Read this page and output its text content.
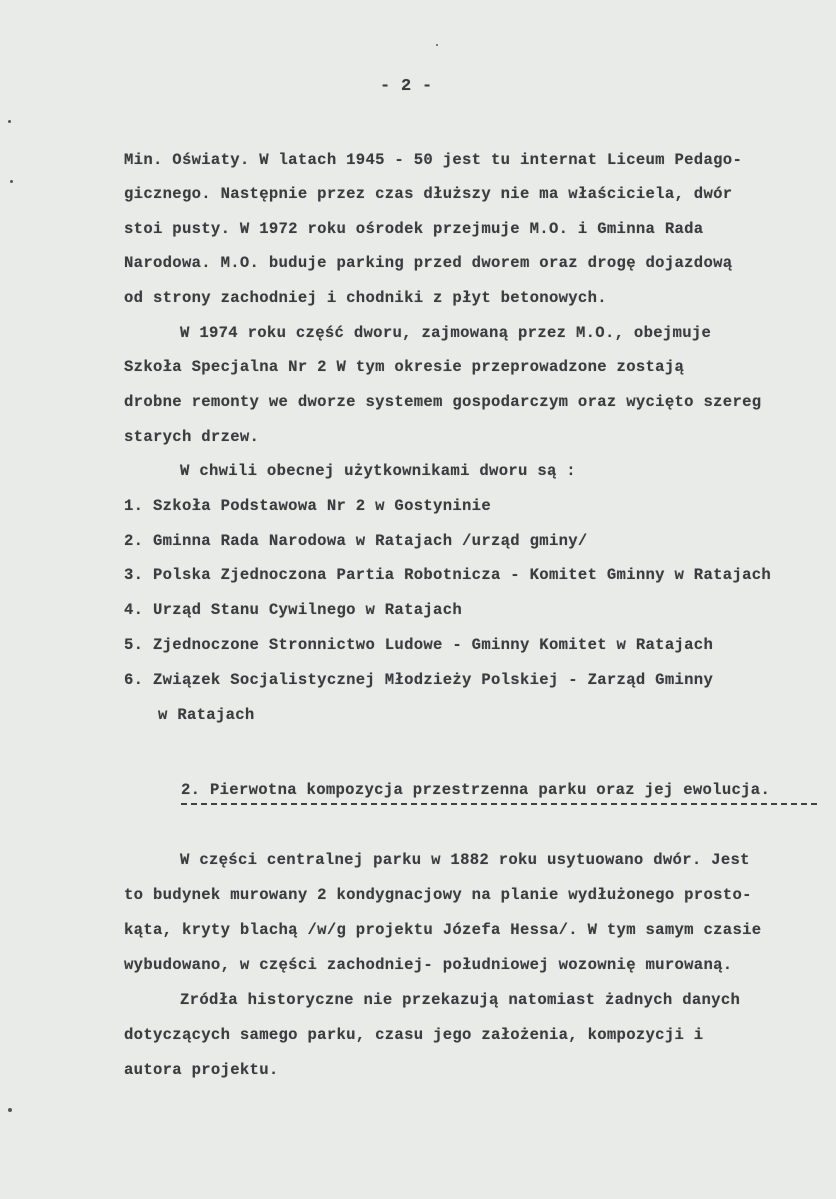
- 2 -
Min. Oświaty. W latach 1945 - 50 jest tu internat Liceum Pedago-
gicznego. Następnie przez czas dłuższy nie ma właściciela, dwór
stoi pusty. W 1972 roku ośrodek przejmuje M.O. i Gminna Rada
Narodowa. M.O. buduje parking przed dworem oraz drogę dojazdową
od strony zachodniej i chodniki z płyt betonowych.
W 1974 roku część dworu, zajmowaną przez M.O., obejmuje
Szkoła Specjalna Nr 2 W tym okresie przeprowadzone zostają
drobne remonty we dworze systemem gospodarczym oraz wycięto szereg
starych drzew.
W chwili obecnej użytkownikami dworu są :
1. Szkoła Podstawowa Nr 2 w Gostyninie
2. Gminna Rada Narodowa w Ratajach /urząd gminy/
3. Polska Zjednoczona Partia Robotnicza - Komitet Gminny w Ratajach
4. Urząd Stanu Cywilnego w Ratajach
5. Zjednoczone Stronnictwo Ludowe - Gminny Komitet w Ratajach
6. Związek Socjalistycznej Młodzieży Polskiej - Zarząd Gminny
w Ratajach
2. Pierwotna kompozycja przestrzenna parku oraz jej ewolucja.
W części centralnej parku w 1882 roku usytuowano dwór. Jest
to budynek murowany 2 kondygnacjowy na planie wydłużonego prosto-
kąta, kryty blachą /w/g projektu Józefa Hessa/. W tym samym czasie
wybudowano, w części zachodniej- południowej wozownię murowaną.
Zródła historyczne nie przekazują natomiast żadnych danych
dotyczących samego parku, czasu jego założenia, kompozycji i
autora projektu.
